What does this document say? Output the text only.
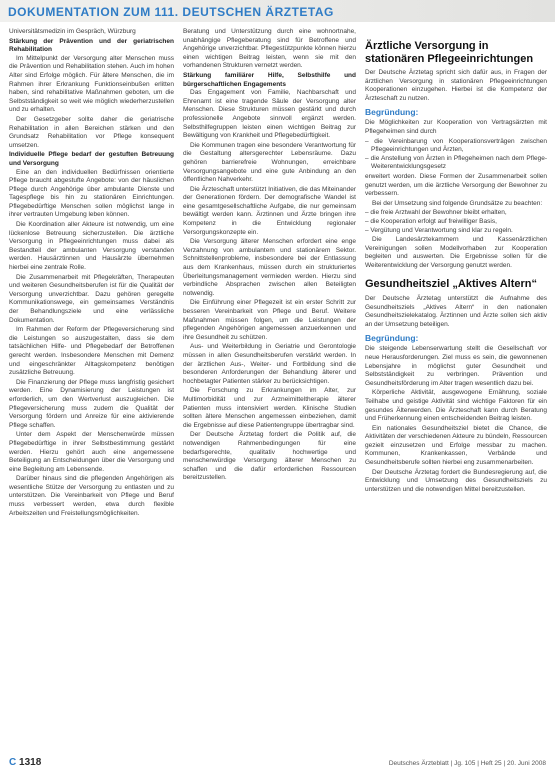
DOKUMENTATION ZUM 111. DEUTSCHEN ÄRZTETAG

Universitätsmedizin im Gespräch, Würzburg

Stärkung der Prävention und der geriatrischen Rehabilitation

Im Mittelpunkt der Versorgung alter Menschen muss die Prävention und Rehabilitation stehen. Auch im hohen Alter sind Erfolge möglich. Für ältere Menschen, die im Rahmen ihrer Erkrankung Funktionseinbußen erlitten haben, sind rehabilitative Maßnahmen geboten, um die Selbstständigkeit so weit wie möglich wiederherzustellen und zu erhalten.

Der Gesetzgeber sollte daher die geriatrische Rehabilitation in allen Bereichen stärken und den Grundsatz Rehabilitation vor Pflege konsequent umsetzen.

Individuelle Pflege bedarf der gestuften Betreuung und Versorgung

Eine an den individuellen Bedürfnissen orientierte Pflege braucht abgestufte Angebote: von der häuslichen Pflege durch Angehörige über ambulante Dienste und Tagespflege bis hin zu stationären Einrichtungen. Pflegebedürftige Menschen sollen möglichst lange in ihrer vertrauten Umgebung leben können.

Die Koordination aller Akteure ist notwendig, um eine lückenlose Betreuung sicherzustellen. Die ärztliche Versorgung in Pflegeeinrichtungen muss dabei als Bestandteil der ambulanten Versorgung verstanden werden. Hausärztinnen und Hausärzte übernehmen hierbei eine zentrale Rolle.

Die Zusammenarbeit mit Pflegekräften, Therapeuten und weiteren Gesundheitsberufen ist für die Qualität der Versorgung unverzichtbar. Dazu gehören geregelte Kommunikationswege, ein gemeinsames Verständnis der Behandlungsziele und eine verlässliche Dokumentation.

Im Rahmen der Reform der Pflegeversicherung sind die Leistungen so auszugestalten, dass sie dem tatsächlichen Hilfe- und Pflegebedarf der Betroffenen gerecht werden. Insbesondere Menschen mit Demenz und eingeschränkter Alltagskompetenz benötigen zusätzliche Betreuung.

Die Finanzierung der Pflege muss langfristig gesichert werden. Eine Dynamisierung der Leistungen ist erforderlich, um den Wertverlust auszugleichen. Die Pflegeversicherung muss zudem die Qualität der Versorgung fördern und Anreize für eine aktivierende Pflege schaffen.

Unter dem Aspekt der Menschenwürde müssen Pflegebedürftige in ihrer Selbstbestimmung gestärkt werden. Hierzu gehört auch eine angemessene Beteiligung an Entscheidungen über die Versorgung und eine Begleitung am Lebensende.

Darüber hinaus sind die pflegenden Angehörigen als wesentliche Stütze der Versorgung zu entlasten und zu unterstützen. Die Vereinbarkeit von Pflege und Beruf muss verbessert werden, etwa durch flexible Arbeitszeiten und Freistellungsmöglichkeiten.

Beratung und Unterstützung durch eine wohnortnahe, unabhängige Pflegeberatung sind für Betroffene und Angehörige unverzichtbar. Pflegestützpunkte können hierzu einen wichtigen Beitrag leisten, wenn sie mit den vorhandenen Strukturen vernetzt werden.

Stärkung familiärer Hilfe, Selbsthilfe und bürgerschaftlichen Engagements

Das Engagement von Familie, Nachbarschaft und Ehrenamt ist eine tragende Säule der Versorgung alter Menschen. Diese Strukturen müssen gestärkt und durch professionelle Angebote sinnvoll ergänzt werden. Selbsthilfegruppen leisten einen wichtigen Beitrag zur Bewältigung von Krankheit und Pflegebedürftigkeit.

Die Kommunen tragen eine besondere Verantwortung für die Gestaltung altersgerechter Lebensräume. Dazu gehören barrierefreie Wohnungen, erreichbare Versorgungsangebote und eine gute Anbindung an den öffentlichen Nahverkehr.

Die Ärzteschaft unterstützt Initiativen, die das Miteinander der Generationen fördern. Der demografische Wandel ist eine gesamtgesellschaftliche Aufgabe, die nur gemeinsam bewältigt werden kann. Ärztinnen und Ärzte bringen ihre Kompetenz in die Entwicklung regionaler Versorgungskonzepte ein.

Die Versorgung älterer Menschen erfordert eine enge Verzahnung von ambulantem und stationärem Sektor. Schnittstellenprobleme, insbesondere bei der Entlassung aus dem Krankenhaus, müssen durch ein strukturiertes Überleitungsmanagement vermieden werden. Hierzu sind verbindliche Absprachen zwischen allen Beteiligten notwendig.

Die Einführung einer Pflegezeit ist ein erster Schritt zur besseren Vereinbarkeit von Pflege und Beruf. Weitere Maßnahmen müssen folgen, um die Leistungen der pflegenden Angehörigen angemessen anzuerkennen und ihre Gesundheit zu schützen.

Aus- und Weiterbildung in Geriatrie und Gerontologie müssen in allen Gesundheitsberufen verstärkt werden. In der ärztlichen Aus-, Weiter- und Fortbildung sind die besonderen Anforderungen der Behandlung älterer und hochbetagter Patienten stärker zu berücksichtigen.

Die Forschung zu Erkrankungen im Alter, zur Multimorbidität und zur Arzneimitteltherapie älterer Patienten muss intensiviert werden. Klinische Studien sollten ältere Menschen angemessen einbeziehen, damit die Ergebnisse auf diese Patientengruppe übertragbar sind.

Der Deutsche Ärztetag fordert die Politik auf, die notwendigen Rahmenbedingungen für eine bedarfsgerechte, qualitativ hochwertige und menschenwürdige Versorgung älterer Menschen zu schaffen und die dafür erforderlichen Ressourcen bereitzustellen.

Ärztliche Versorgung in stationären Pflegeeinrichtungen

Der Deutsche Ärztetag spricht sich dafür aus, in Fragen der ärztlichen Versorgung in stationären Pflegeeinrichtungen Kooperationen einzugehen. Hierbei ist die Kompetenz der Ärzteschaft zu nutzen.

Begründung:

Die Möglichkeiten zur Kooperation von Vertragsärzten mit Pflegeheimen sind durch

– die Vereinbarung von Kooperationsverträgen zwischen Pflegeeinrichtungen und Ärzten,
– die Anstellung von Ärzten in Pflegeheimen nach dem Pflege-Weiterentwicklungsgesetz

erweitert worden. Diese Formen der Zusammenarbeit sollen genutzt werden, um die ärztliche Versorgung der Bewohner zu verbessern.

Bei der Umsetzung sind folgende Grundsätze zu beachten:

– die freie Arztwahl der Bewohner bleibt erhalten,
– die Kooperation erfolgt auf freiwilliger Basis,
– Vergütung und Verantwortung sind klar zu regeln.

Die Landesärztekammern und Kassenärztlichen Vereinigungen sollen Modellvorhaben zur Kooperation begleiten und auswerten. Die Ergebnisse sollen für die Weiterentwicklung der Versorgung genutzt werden.

Gesundheitsziel „Aktives Altern“

Der Deutsche Ärztetag unterstützt die Aufnahme des Gesundheitsziels „Aktives Altern“ in den nationalen Gesundheitszielekatalog. Ärztinnen und Ärzte sollen sich aktiv an der Umsetzung beteiligen.

Begründung:

Die steigende Lebenserwartung stellt die Gesellschaft vor neue Herausforderungen. Ziel muss es sein, die gewonnenen Lebensjahre in möglichst guter Gesundheit und Selbstständigkeit zu verbringen. Prävention und Gesundheitsförderung im Alter tragen wesentlich dazu bei.

Körperliche Aktivität, ausgewogene Ernährung, soziale Teilhabe und geistige Aktivität sind wichtige Faktoren für ein gesundes Älterwerden. Die Ärzteschaft kann durch Beratung und Früherkennung einen entscheidenden Beitrag leisten.

Ein nationales Gesundheitsziel bietet die Chance, die Aktivitäten der verschiedenen Akteure zu bündeln, Ressourcen gezielt einzusetzen und Erfolge messbar zu machen. Kommunen, Krankenkassen, Verbände und Gesundheitsberufe sollten hierbei eng zusammenarbeiten.

Der Deutsche Ärztetag fordert die Bundesregierung auf, die Entwicklung und Umsetzung des Gesundheitsziels zu unterstützen und die notwendigen Mittel bereitzustellen.

C 1318	Deutsches Ärzteblatt | Jg. 105 | Heft 25 | 20. Juni 2008
